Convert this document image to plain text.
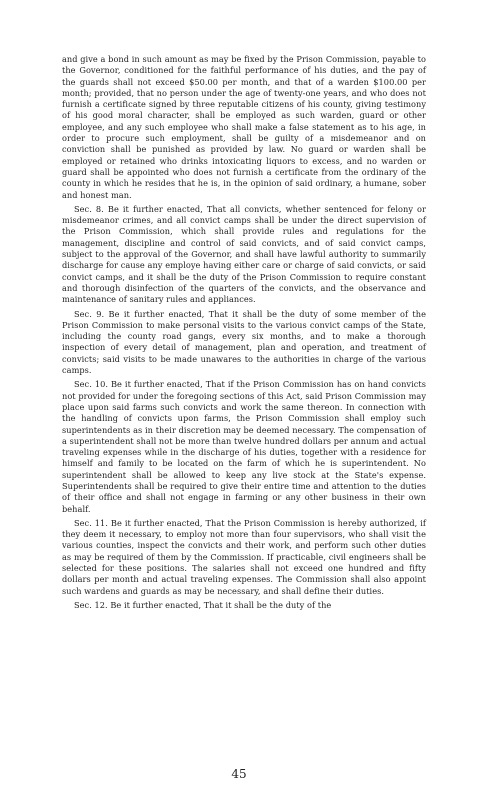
and give a bond in such amount as may be fixed by the Prison Commission, payable to the Governor, conditioned for the faithful performance of his duties, and the pay of the guards shall not exceed $50.00 per month, and that of a warden $100.00 per month; provided, that no person under the age of twenty-one years, and who does not furnish a certificate signed by three reputable citizens of his county, giving testimony of his good moral character, shall be employed as such warden, guard or other employee, and any such employee who shall make a false statement as to his age, in order to procure such employment, shall be guilty of a misdemeanor and on conviction shall be punished as provided by law. No guard or warden shall be employed or retained who drinks intoxicating liquors to excess, and no warden or guard shall be appointed who does not furnish a certificate from the ordinary of the county in which he resides that he is, in the opinion of said ordinary, a humane, sober and honest man.

Sec. 8. Be it further enacted, That all convicts, whether sentenced for felony or misdemeanor crimes, and all convict camps shall be under the direct supervision of the Prison Commission, which shall provide rules and regulations for the management, discipline and control of said convicts, and of said convict camps, subject to the approval of the Governor, and shall have lawful authority to summarily discharge for cause any employe having either care or charge of said convicts, or said convict camps, and it shall be the duty of the Prison Commission to require constant and thorough disinfection of the quarters of the convicts, and the observance and maintenance of sanitary rules and appliances.

Sec. 9. Be it further enacted, That it shall be the duty of some member of the Prison Commission to make personal visits to the various convict camps of the State, including the county road gangs, every six months, and to make a thorough inspection of every detail of management, plan and operation, and treatment of convicts; said visits to be made unawares to the authorities in charge of the various camps.

Sec. 10. Be it further enacted, That if the Prison Commission has on hand convicts not provided for under the foregoing sections of this Act, said Prison Commission may place upon said farms such convicts and work the same thereon. In connection with the handling of convicts upon farms, the Prison Commission shall employ such superintendents as in their discretion may be deemed necessary. The compensation of a superintendent shall not be more than twelve hundred dollars per annum and actual traveling expenses while in the discharge of his duties, together with a residence for himself and family to be located on the farm of which he is superintendent. No superintendent shall be allowed to keep any live stock at the State's expense. Superintendents shall be required to give their entire time and attention to the duties of their office and shall not engage in farming or any other business in their own behalf.

Sec. 11. Be it further enacted, That the Prison Commission is hereby authorized, if they deem it necessary, to employ not more than four supervisors, who shall visit the various counties, inspect the convicts and their work, and perform such other duties as may be required of them by the Commission. If practicable, civil engineers shall be selected for these positions. The salaries shall not exceed one hundred and fifty dollars per month and actual traveling expenses. The Commission shall also appoint such wardens and guards as may be necessary, and shall define their duties.

Sec. 12. Be it further enacted, That it shall be the duty of the

45
